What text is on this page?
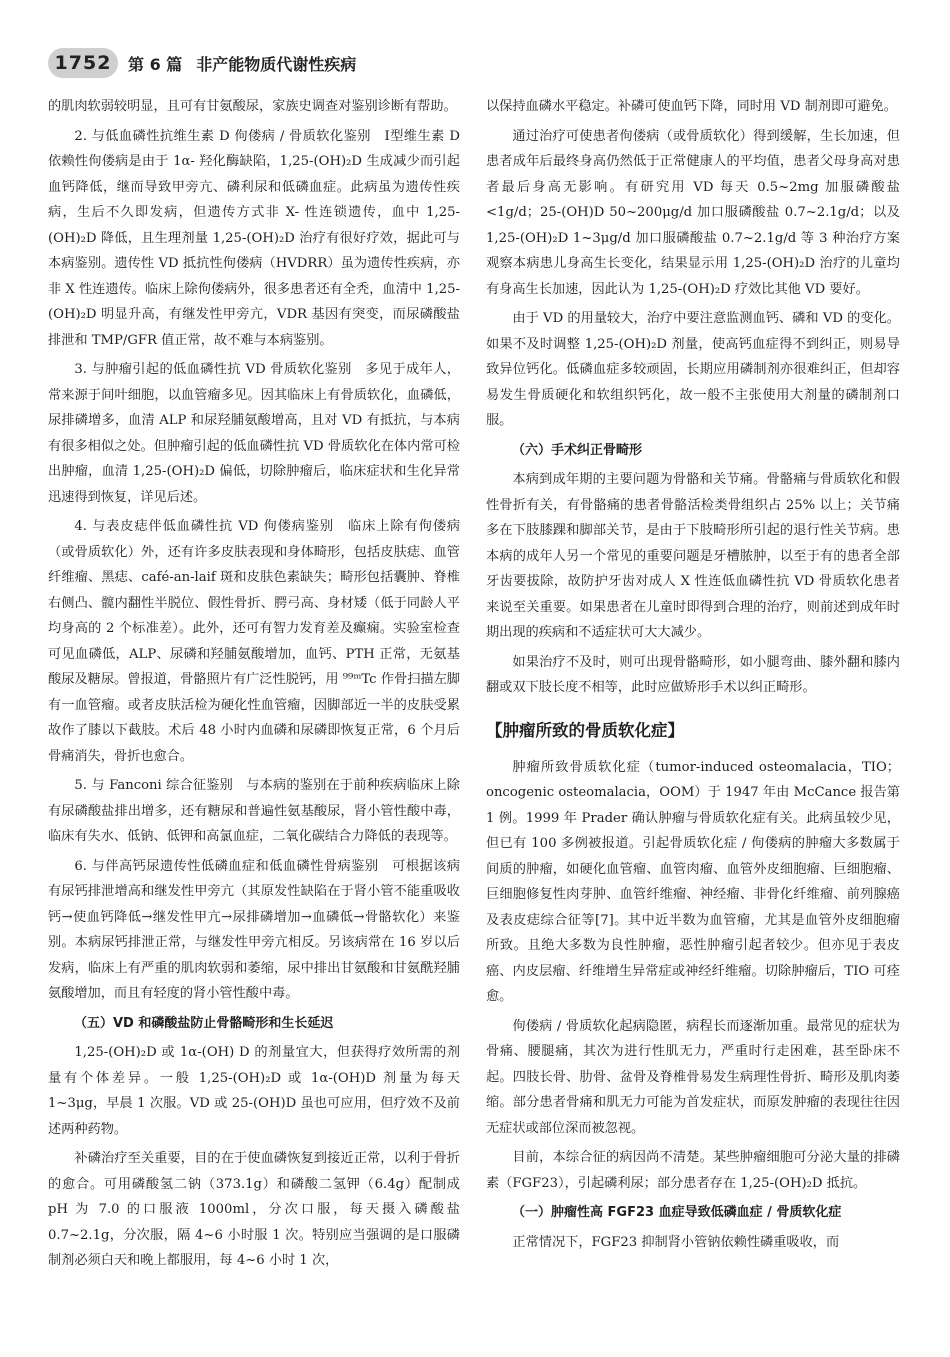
1752	第 6 篇 非产能物质代谢性疾病

的肌肉软弱较明显，且可有甘氨酸尿，家族史调查对鉴别诊断有帮助。

2. 与低血磷性抗维生素 D 佝偻病 / 骨质软化鉴别　Ⅰ型维生素 D 依赖性佝偻病是由于 1α- 羟化酶缺陷，1,25-(OH)₂D 生成减少而引起血钙降低，继而导致甲旁亢、磷利尿和低磷血症。此病虽为遗传性疾病，生后不久即发病，但遗传方式非 X- 性连锁遗传，血中 1,25-(OH)₂D 降低，且生理剂量 1,25-(OH)₂D 治疗有很好疗效，据此可与本病鉴别。遗传性 VD 抵抗性佝偻病（HVDRR）虽为遗传性疾病，亦非 X 性连遗传。临床上除佝偻病外，很多患者还有全秃，血清中 1,25-(OH)₂D 明显升高，有继发性甲旁亢，VDR 基因有突变，而尿磷酸盐排泄和 TMP/GFR 值正常，故不难与本病鉴别。

3. 与肿瘤引起的低血磷性抗 VD 骨质软化鉴别　多见于成年人，常来源于间叶细胞，以血管瘤多见。因其临床上有骨质软化，血磷低，尿排磷增多，血清 ALP 和尿羟脯氨酸增高，且对 VD 有抵抗，与本病有很多相似之处。但肿瘤引起的低血磷性抗 VD 骨质软化在体内常可检出肿瘤，血清 1,25-(OH)₂D 偏低，切除肿瘤后，临床症状和生化异常迅速得到恢复，详见后述。

4. 与表皮痣伴低血磷性抗 VD 佝偻病鉴别　临床上除有佝偻病（或骨质软化）外，还有许多皮肤表现和身体畸形，包括皮肤痣、血管纤维瘤、黑痣、café-an-laif 斑和皮肤色素缺失；畸形包括囊肿、脊椎右侧凸、髋内翻性半脱位、假性骨折、腭弓高、身材矮（低于同龄人平均身高的 2 个标准差）。此外，还可有智力发育差及癫痫。实验室检查可见血磷低，ALP、尿磷和羟脯氨酸增加，血钙、PTH 正常，无氨基酸尿及糖尿。曾报道，骨骼照片有广泛性脱钙，用 ⁹⁹ᵐTc 作骨扫描左脚有一血管瘤。或者皮肤活检为硬化性血管瘤，因脚部近一半的皮肤受累故作了膝以下截肢。术后 48 小时内血磷和尿磷即恢复正常，6 个月后骨痛消失，骨折也愈合。

5. 与 Fanconi 综合征鉴别　与本病的鉴别在于前种疾病临床上除有尿磷酸盐排出增多，还有糖尿和普遍性氨基酸尿，肾小管性酸中毒，临床有失水、低钠、低钾和高氯血症，二氧化碳结合力降低的表现等。

6. 与伴高钙尿遗传性低磷血症和低血磷性骨病鉴别　可根据该病有尿钙排泄增高和继发性甲旁亢（其原发性缺陷在于肾小管不能重吸收钙→使血钙降低→继发性甲亢→尿排磷增加→血磷低→骨骼软化）来鉴别。本病尿钙排泄正常，与继发性甲旁亢相反。另该病常在 16 岁以后发病，临床上有严重的肌肉软弱和萎缩，尿中排出甘氨酸和甘氨酰羟脯氨酸增加，而且有轻度的肾小管性酸中毒。

（五）VD 和磷酸盐防止骨骼畸形和生长延迟

1,25-(OH)₂D 或 1α-(OH) D 的剂量宜大，但获得疗效所需的剂量有个体差异。一般 1,25-(OH)₂D 或 1α-(OH)D 剂量为每天 1~3μg，早晨 1 次服。VD 或 25-(OH)D 虽也可应用，但疗效不及前述两种药物。

补磷治疗至关重要，目的在于使血磷恢复到接近正常，以利于骨折的愈合。可用磷酸氢二钠（373.1g）和磷酸二氢钾（6.4g）配制成 pH 为 7.0 的口服液 1000ml，分次口服，每天摄入磷酸盐 0.7~2.1g，分次服，隔 4~6 小时服 1 次。特别应当强调的是口服磷制剂必须白天和晚上都服用，每 4~6 小时 1 次，

以保持血磷水平稳定。补磷可使血钙下降，同时用 VD 制剂即可避免。

通过治疗可使患者佝偻病（或骨质软化）得到缓解，生长加速，但患者成年后最终身高仍然低于正常健康人的平均值，患者父母身高对患者最后身高无影响。有研究用 VD 每天 0.5~2mg 加服磷酸盐 <1g/d；25-(OH)D 50~200μg/d 加口服磷酸盐 0.7~2.1g/d；以及 1,25-(OH)₂D 1~3μg/d 加口服磷酸盐 0.7~2.1g/d 等 3 种治疗方案观察本病患儿身高生长变化，结果显示用 1,25-(OH)₂D 治疗的儿童均有身高生长加速，因此认为 1,25-(OH)₂D 疗效比其他 VD 要好。

由于 VD 的用量较大，治疗中要注意监测血钙、磷和 VD 的变化。如果不及时调整 1,25-(OH)₂D 剂量，使高钙血症得不到纠正，则易导致异位钙化。低磷血症多较顽固，长期应用磷制剂亦很难纠正，但却容易发生骨质硬化和软组织钙化，故一般不主张使用大剂量的磷制剂口服。

（六）手术纠正骨畸形

本病到成年期的主要问题为骨骼和关节痛。骨骼痛与骨质软化和假性骨折有关，有骨骼痛的患者骨骼活检类骨组织占 25% 以上；关节痛多在下肢膝踝和脚部关节，是由于下肢畸形所引起的退行性关节病。患本病的成年人另一个常见的重要问题是牙槽脓肿，以至于有的患者全部牙齿要拔除，故防护牙齿对成人 X 性连低血磷性抗 VD 骨质软化患者来说至关重要。如果患者在儿童时即得到合理的治疗，则前述到成年时期出现的疾病和不适症状可大大减少。

如果治疗不及时，则可出现骨骼畸形，如小腿弯曲、膝外翻和膝内翻或双下肢长度不相等，此时应做矫形手术以纠正畸形。

【肿瘤所致的骨质软化症】

肿瘤所致骨质软化症（tumor-induced osteomalacia，TIO；oncogenic osteomalacia，OOM）于 1947 年由 McCance 报告第 1 例。1999 年 Prader 确认肿瘤与骨质软化症有关。此病虽较少见，但已有 100 多例被报道。引起骨质软化症 / 佝偻病的肿瘤大多数属于间质的肿瘤，如硬化血管瘤、血管肉瘤、血管外皮细胞瘤、巨细胞瘤、巨细胞修复性肉芽肿、血管纤维瘤、神经瘤、非骨化纤维瘤、前列腺癌及表皮痣综合征等[7]。其中近半数为血管瘤，尤其是血管外皮细胞瘤所致。且绝大多数为良性肿瘤，恶性肿瘤引起者较少。但亦见于表皮癌、内皮层瘤、纤维增生异常症或神经纤维瘤。切除肿瘤后，TIO 可痊愈。

佝偻病 / 骨质软化起病隐匿，病程长而逐渐加重。最常见的症状为骨痛、腰腿痛，其次为进行性肌无力，严重时行走困难，甚至卧床不起。四肢长骨、肋骨、盆骨及脊椎骨易发生病理性骨折、畸形及肌肉萎缩。部分患者骨痛和肌无力可能为首发症状，而原发肿瘤的表现往往因无症状或部位深而被忽视。

目前，本综合征的病因尚不清楚。某些肿瘤细胞可分泌大量的排磷素（FGF23），引起磷利尿；部分患者存在 1,25-(OH)₂D 抵抗。

（一）肿瘤性高 FGF23 血症导致低磷血症 / 骨质软化症

正常情况下，FGF23 抑制肾小管钠依赖性磷重吸收，而
